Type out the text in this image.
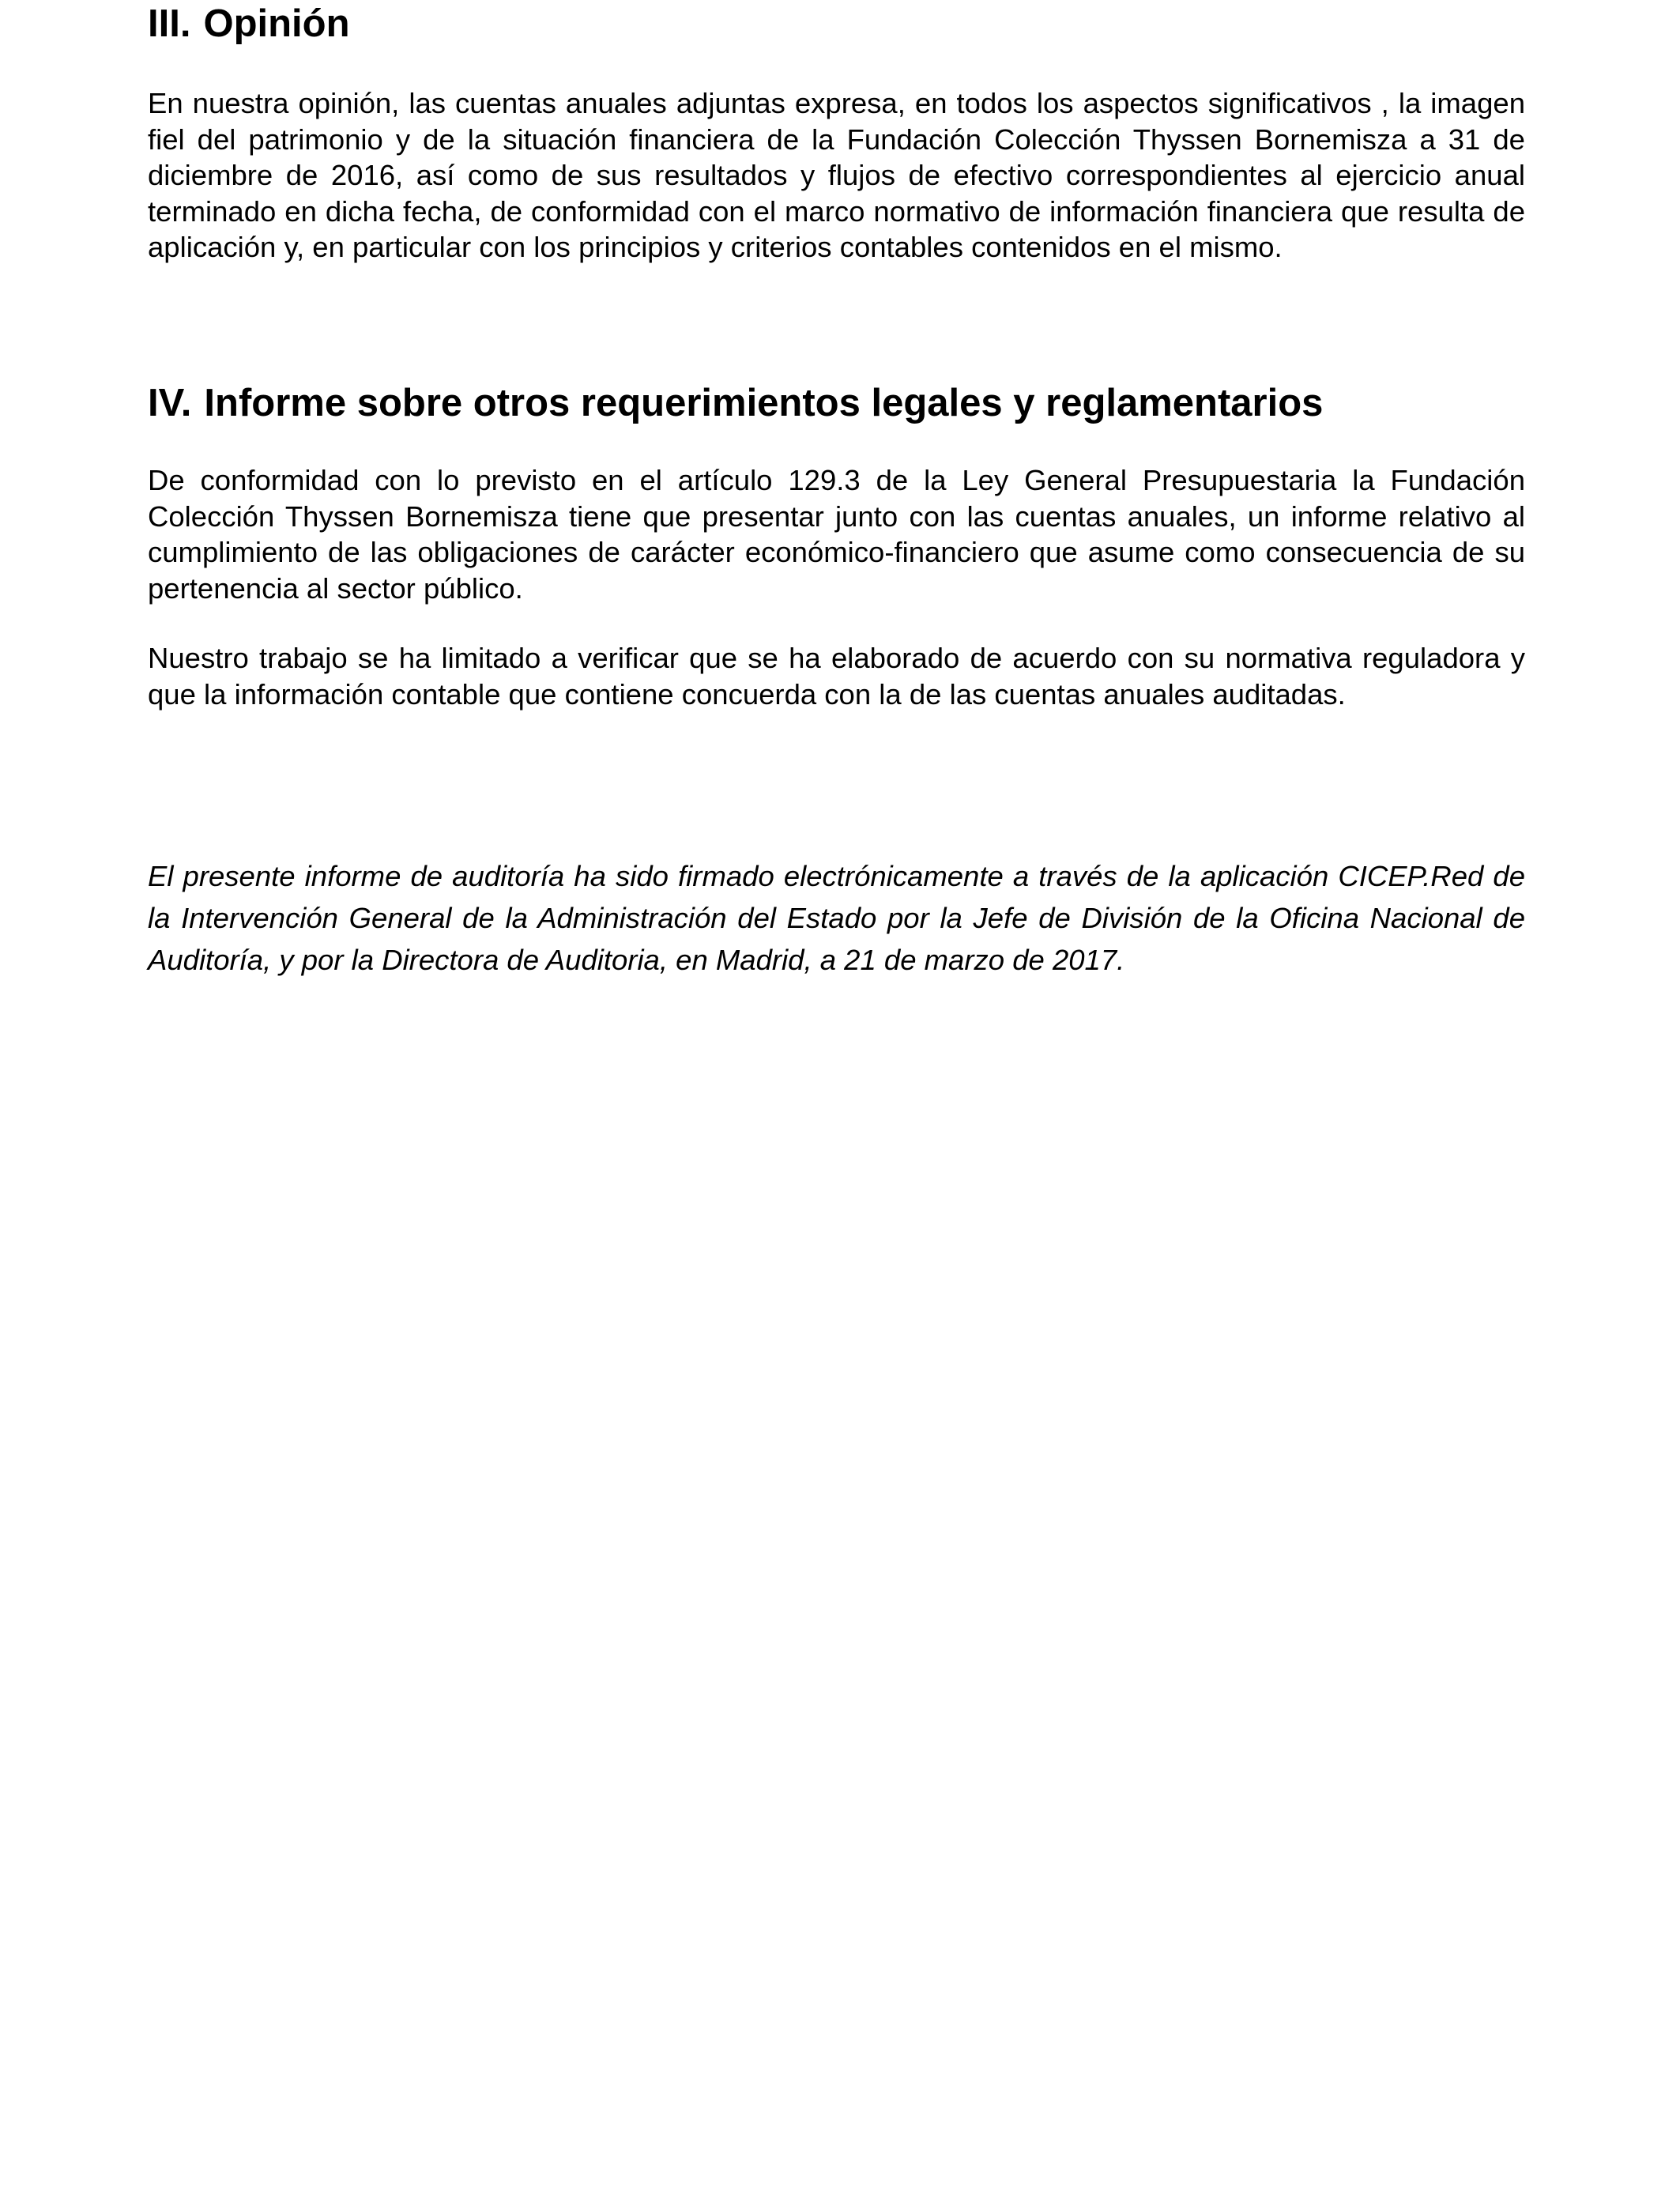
III. Opinión

En nuestra opinión, las cuentas anuales adjuntas expresa, en todos los aspectos significativos , la imagen fiel del patrimonio y de la situación financiera de la Fundación Colección Thyssen Bornemisza a 31 de diciembre de 2016, así como de sus resultados y flujos de efectivo correspondientes al ejercicio anual terminado en dicha fecha, de conformidad con el marco normativo de información financiera que resulta de aplicación y, en particular con los principios y criterios contables contenidos en el mismo.

IV. Informe sobre otros requerimientos legales y reglamentarios

De conformidad con lo previsto en el artículo 129.3 de la Ley General Presupuestaria la Fundación Colección Thyssen Bornemisza tiene que presentar junto con las cuentas anuales, un informe relativo al cumplimiento de las obligaciones de carácter económico-financiero que asume como consecuencia de su pertenencia al sector público.

Nuestro trabajo se ha limitado a verificar que se ha elaborado de acuerdo con su normativa reguladora y que la información contable que contiene concuerda con la de las cuentas anuales auditadas.

El presente informe de auditoría ha sido firmado electrónicamente a través de la aplicación CICEP.Red de la Intervención General de la Administración del Estado por la Jefe de División de la Oficina Nacional de Auditoría, y por la Directora de Auditoria, en Madrid, a 21 de marzo de 2017.
